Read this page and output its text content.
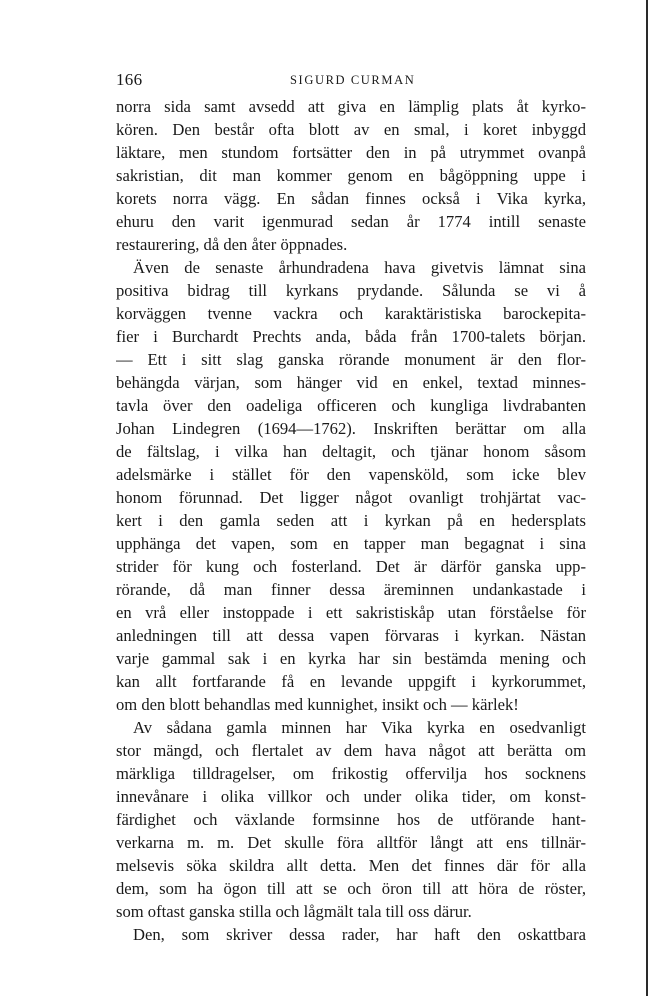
166	SIGURD CURMAN
norra sida samt avsedd att giva en lämplig plats åt kyrko-
kören. Den består ofta blott av en smal, i koret inbyggd
läktare, men stundom fortsätter den in på utrymmet ovanpå
sakristian, dit man kommer genom en bågöppning uppe i
korets norra vägg. En sådan finnes också i Vika kyrka,
ehuru den varit igenmurad sedan år 1774 intill senaste
restaurering, då den åter öppnades.
Även de senaste århundradena hava givetvis lämnat sina
positiva bidrag till kyrkans prydande. Sålunda se vi å
korväggen tvenne vackra och karaktäristiska barockepita-
fier i Burchardt Prechts anda, båda från 1700-talets början.
— Ett i sitt slag ganska rörande monument är den flor-
behängda värjan, som hänger vid en enkel, textad minnes-
tavla över den oadeliga officeren och kungliga livdrabanten
Johan Lindegren (1694—1762). Inskriften berättar om alla
de fältslag, i vilka han deltagit, och tjänar honom såsom
adelsmärke i stället för den vapensköld, som icke blev
honom förunnad. Det ligger något ovanligt trohjärtat vac-
kert i den gamla seden att i kyrkan på en hedersplats
upphänga det vapen, som en tapper man begagnat i sina
strider för kung och fosterland. Det är därför ganska upp-
rörande, då man finner dessa äreminnen undankastade i
en vrå eller instoppade i ett sakristiskåp utan förståelse för
anledningen till att dessa vapen förvaras i kyrkan. Nästan
varje gammal sak i en kyrka har sin bestämda mening och
kan allt fortfarande få en levande uppgift i kyrkorummet,
om den blott behandlas med kunnighet, insikt och — kärlek!
Av sådana gamla minnen har Vika kyrka en osedvanligt
stor mängd, och flertalet av dem hava något att berätta om
märkliga tilldragelser, om frikostig offervilja hos socknens
innevånare i olika villkor och under olika tider, om konst-
färdighet och växlande formsinne hos de utförande hant-
verkarna m. m. Det skulle föra alltför långt att ens tillnär-
melsevis söka skildra allt detta. Men det finnes där för alla
dem, som ha ögon till att se och öron till att höra de röster,
som oftast ganska stilla och lågmält tala till oss därur.
Den, som skriver dessa rader, har haft den oskattbara
